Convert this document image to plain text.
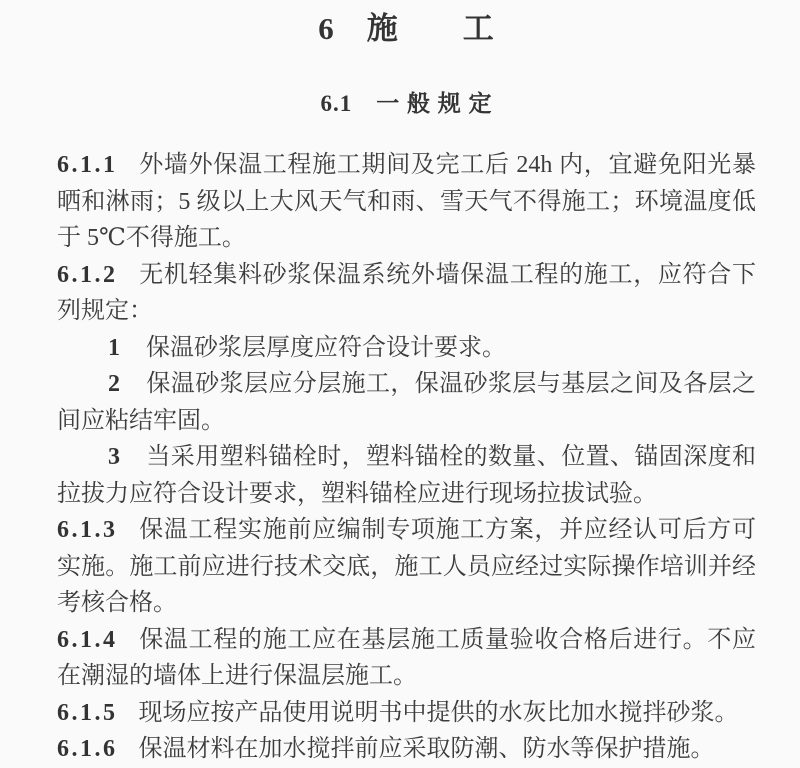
6　施　　工
6.1　一 般 规 定

6.1.1 外墙外保温工程施工期间及完工后 24h 内，宜避免阳光暴晒和淋雨；5 级以上大风天气和雨、雪天气不得施工；环境温度低于 5℃不得施工。

6.1.2 无机轻集料砂浆保温系统外墙保温工程的施工，应符合下列规定：

1 保温砂浆层厚度应符合设计要求。

2 保温砂浆层应分层施工，保温砂浆层与基层之间及各层之间应粘结牢固。

3 当采用塑料锚栓时，塑料锚栓的数量、位置、锚固深度和拉拔力应符合设计要求，塑料锚栓应进行现场拉拔试验。

6.1.3 保温工程实施前应编制专项施工方案，并应经认可后方可实施。施工前应进行技术交底，施工人员应经过实际操作培训并经考核合格。

6.1.4 保温工程的施工应在基层施工质量验收合格后进行。不应在潮湿的墙体上进行保温层施工。

6.1.5 现场应按产品使用说明书中提供的水灰比加水搅拌砂浆。

6.1.6 保温材料在加水搅拌前应采取防潮、防水等保护措施。
